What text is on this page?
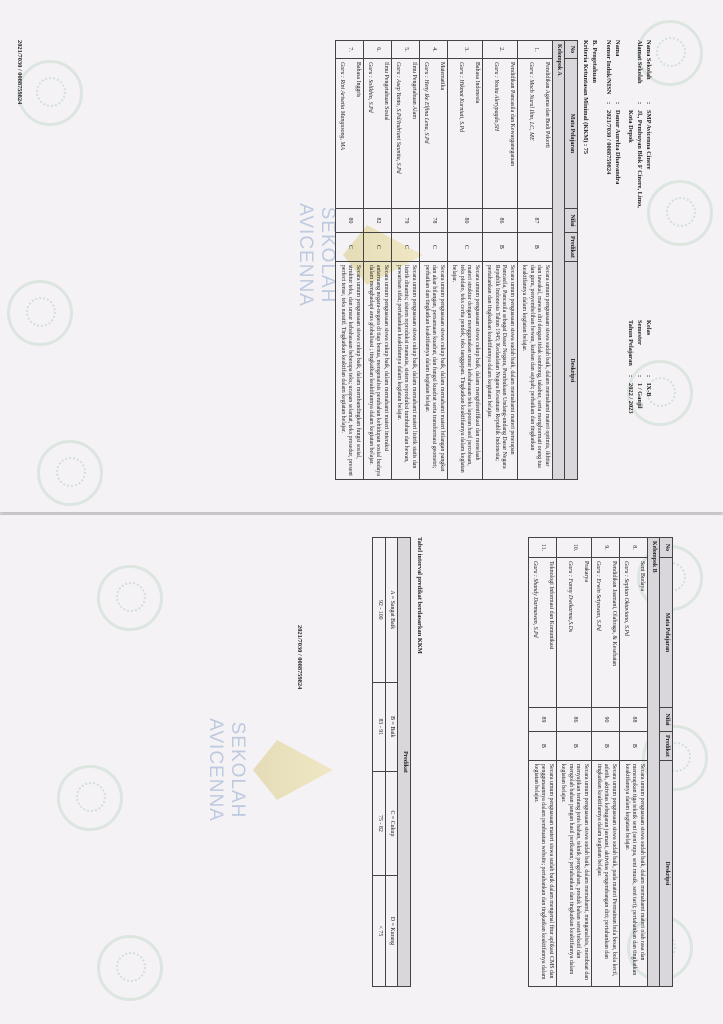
SEKOLAH
AVICENNA
Nama Sekolah
:
SMP Avicenna Cinere
Kelas
:
IX-B
Alamat Sekolah
:
Jl., Pembuyan Blok F Cinere, Limo,
Semester
:
1 / Ganjil
Kota Depok
Tahun Pelajaran
:
2022 / 2023
Nama
:
Danur Aurelza Dhawandra
Nomor Induk/NISN
:
2021/7030 / 0088759824
B. Pengetahuan
Kriteria Ketuntasan Minimal (KKM) : 75
No	Mata Pelajaran	Nilai	Predikat	Deskripsi
Kelompok A				
1.	Pendidikan Agama dan Budi Pekerti
Guru : Moch Nurul Ilim, LC, ME	87	B	Secara umum penguasaan siswa sudah baik, dalam memahami materi optimis, ikhtiar dan tawakal, mawas diri dengan tidak sombong, takabur, serta menghormati orang tua dan guru, penyembelihan hewan, kurban dan aqiqah; perbaikan dan tingkatkan keaktifannya dalam kegiatan belajar.
2.	Pendidikan Pancasila dan Kewarganegaraan
Guru : Yosita Alerypagdo,SH	86	B	Secara umum penguasaan siswa sudah baik, dalam memahami materi penerapan Pancasila, Pancasila sebagai Dasar Negara, Pembukaan Undang-undang Dasar Negara Republik Indonesia Tahun 1945; Kedaulatan Negara Kesatuan Republik Indonesia; pertahankan dan tingkatkan keaktifannya dalam kegiatan belajar.
3.	Bahasa Indonesia
Guru : Hikmat Kurniati, S.Pd	80	C	Secara umum penguasaan siswa cukup baik, dalam mengidentifikasi dan menelaah materi struktur dengan menggunakan unsur kebahasaan teks laporan hasil percobaan, teks pidato, teks cerita pendek, teks tanggapan. Tingkatkan keaktifannya dalam kegiatan belajar.
4.	Matematika
Guru : Heny Ike Elfina Lena, S.Pd	78	C	Secara umum penguasaan siswa cukup baik, dalam memahami materi bilangan pangkat dan akar bilangan, persamaan kuadrat, dan fungsi kuadrat serta transformasi geometri; perbaikan dan tingkatkan keaktifannya dalam kegiatan belajar.
5.	Ilmu Pengetahuan Alam
Guru : Asep Yanto, S.Pd/Indriani Saunita, S.Pd	79	C	Secara umum penguasaan siswa cukup baik, dalam memahami materi listrik statis dan listrik dinamis; sistem reproduksi manusia, sistem reproduksi tumbuhan dan hewan, pewarisan sifat; pertahankan keaktifannya dalam kegiatan belajar.
6.	Ilmu Pengetahuan Sosial
Guru : Solikhin, S.Pd	82	C	Secara umum penguasaan siswa cukup baik, dalam memahami materi interaksi antarruang negara-negara di tiap benua, mengenalisis perubahan kehidupan sosial budaya dalam menghadapi arus globalisasi ; tingkatkan keaktifannya dalam kegiatan belajar.
7.	Bahasa Inggris
Guru : Rini Arisetia Mangusong, MA	80	C	Secara umum penguasaan siswa cukup baik, dalam membandingkan fungsi sosial, struktur teks, dan unsur kebahasaan beberapa teks; ucapan selamat, teks prosedur, present perfect tense, teks naratif. Tingkatkan keaktifan dalam kegiatan belajar.
2021/7030 / 0088759824
SEKOLAH
AVICENNA
No	Mata Pelajaran	Nilai	Predikat	Deskripsi
Kelompok B				
8.	Seni Budaya
Guru : Septian Oktaviano, S.Pd	88	B	Secara umum penguasaan siswa sudah baik, dalam memahami materi olah rasa dan menerapkan tiga teknik seni (seni rupa, seni musik, seni tari); pertahankan dan tingkatkan keaktifannya dalam kegiatan belajar.
9.	Pendidikan Jasmani, Olahraga, & Kesehatan
Guru : Erwin Setyawan, S.Pd	90	B	Secara umum penguasaan siswa sudah baik, pada materi Permainan bola besar, bola kecil, atletik, aktivitas kebugaran jasmani, aktivitas pengembangan diri; pertahankan dan tingkatkan keaktifannya dalam kegiatan belajar.
10.	Prakarya
Guru : Fanny Dwikarma,S.Ds	86	B	Secara umum penguasaan siswa sudah baik, dalam memahami, menganalisis, membuat dan menyajikan tentang jenis bahan, teknik pengolahan, produk bahan serat/tekstil dan mengolah bahan pangan hasil perikanan; pertahankan dan tingkatkan keaktifannya dalam kegiatan belajar.
11.	Teknologi Informasi dan Komunikasi
Guru : Shandy Darmawan, S.Pd	89	B	Secara umum penguasaan materi siswa sudah baik dalam mengenal fitur aplikasi CMS dan penggunaannya dalam pembuatan website; pertahankan dan tingkatkan keaktifannya dalam kegiatan belajar.
Tabel interval predikat berdasarkan KKM
Predikat			
A = Sangat Baik	B = Baik	C = Cukup	D = Kurang
92 - 100	83 - 91	75 - 82	< 75
2021/7030 / 0088759824
